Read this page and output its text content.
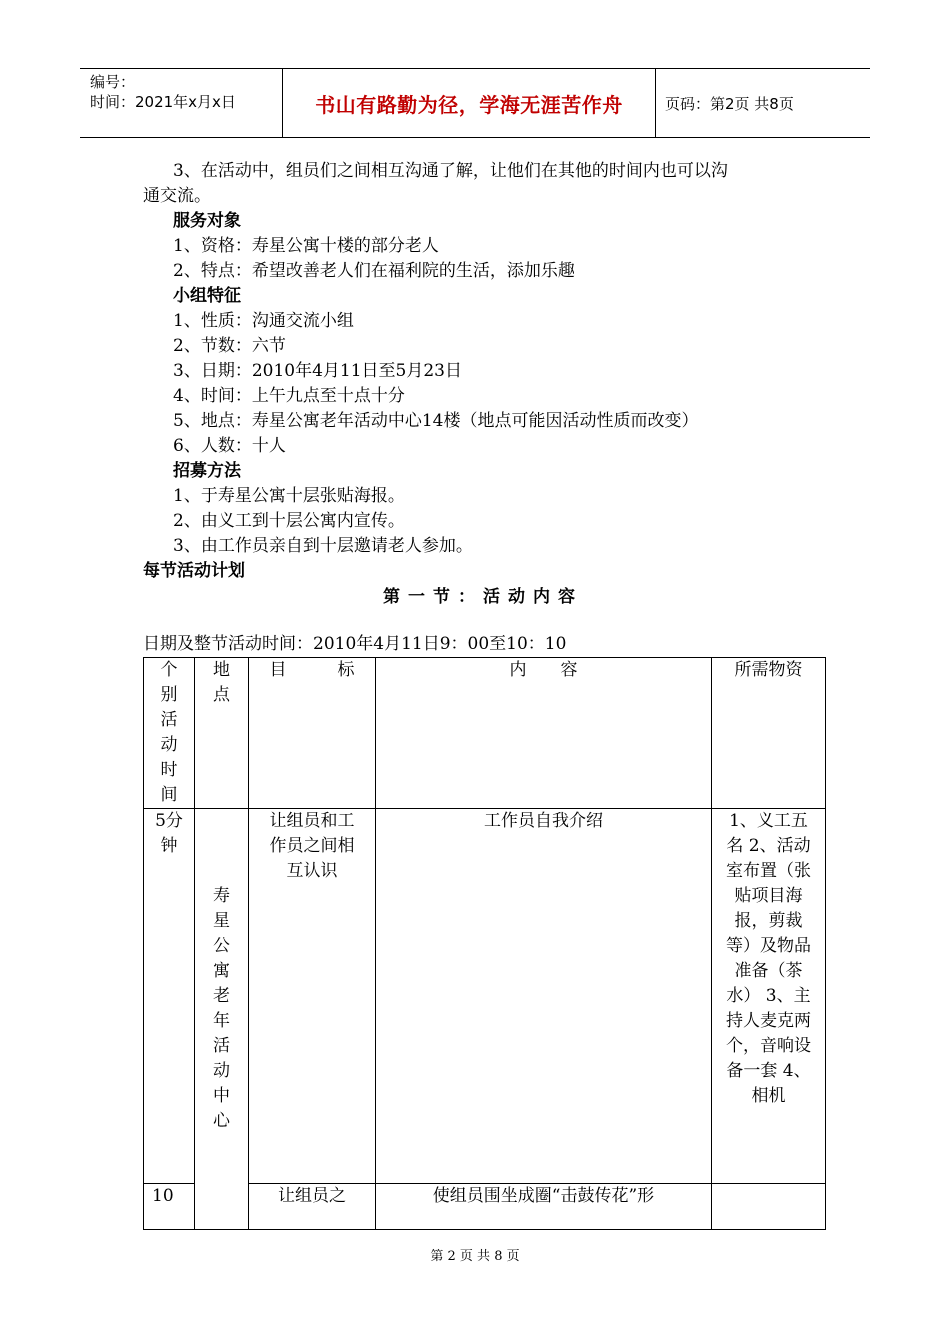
编号：
时间：2021年x月x日	书山有路勤为径，学海无涯苦作舟	页码：第2页 共8页
3、在活动中，组员们之间相互沟通了解，让他们在其他的时间内也可以沟
通交流。
服务对象
1、资格：寿星公寓十楼的部分老人
2、特点：希望改善老人们在福利院的生活，添加乐趣
小组特征
1、性质：沟通交流小组
2、节数：六节
3、日期：2010年4月11日至5月23日
4、时间：上午九点至十点十分
5、地点：寿星公寓老年活动中心14楼（地点可能因活动性质而改变）
6、人数：十人
招募方法
1、于寿星公寓十层张贴海报。
2、由义工到十层公寓内宣传。
3、由工作员亲自到十层邀请老人参加。
每节活动计划
第一节：活动内容
日期及整节活动时间：2010年4月11日9：00至10：10
个别活动时间	地点	目　　　标	内　　容	所需物资
5分钟	寿星公寓老年活动中心	让组员和工作员之间相互认识	工作员自我介绍	1、义工五名 2、活动室布置（张贴项目海报，剪裁等）及物品准备（茶水） 3、主持人麦克两个，音响设备一套 4、相机
10		让组员之	使组员围坐成圈“击鼓传花”形	
第 2 页 共 8 页
